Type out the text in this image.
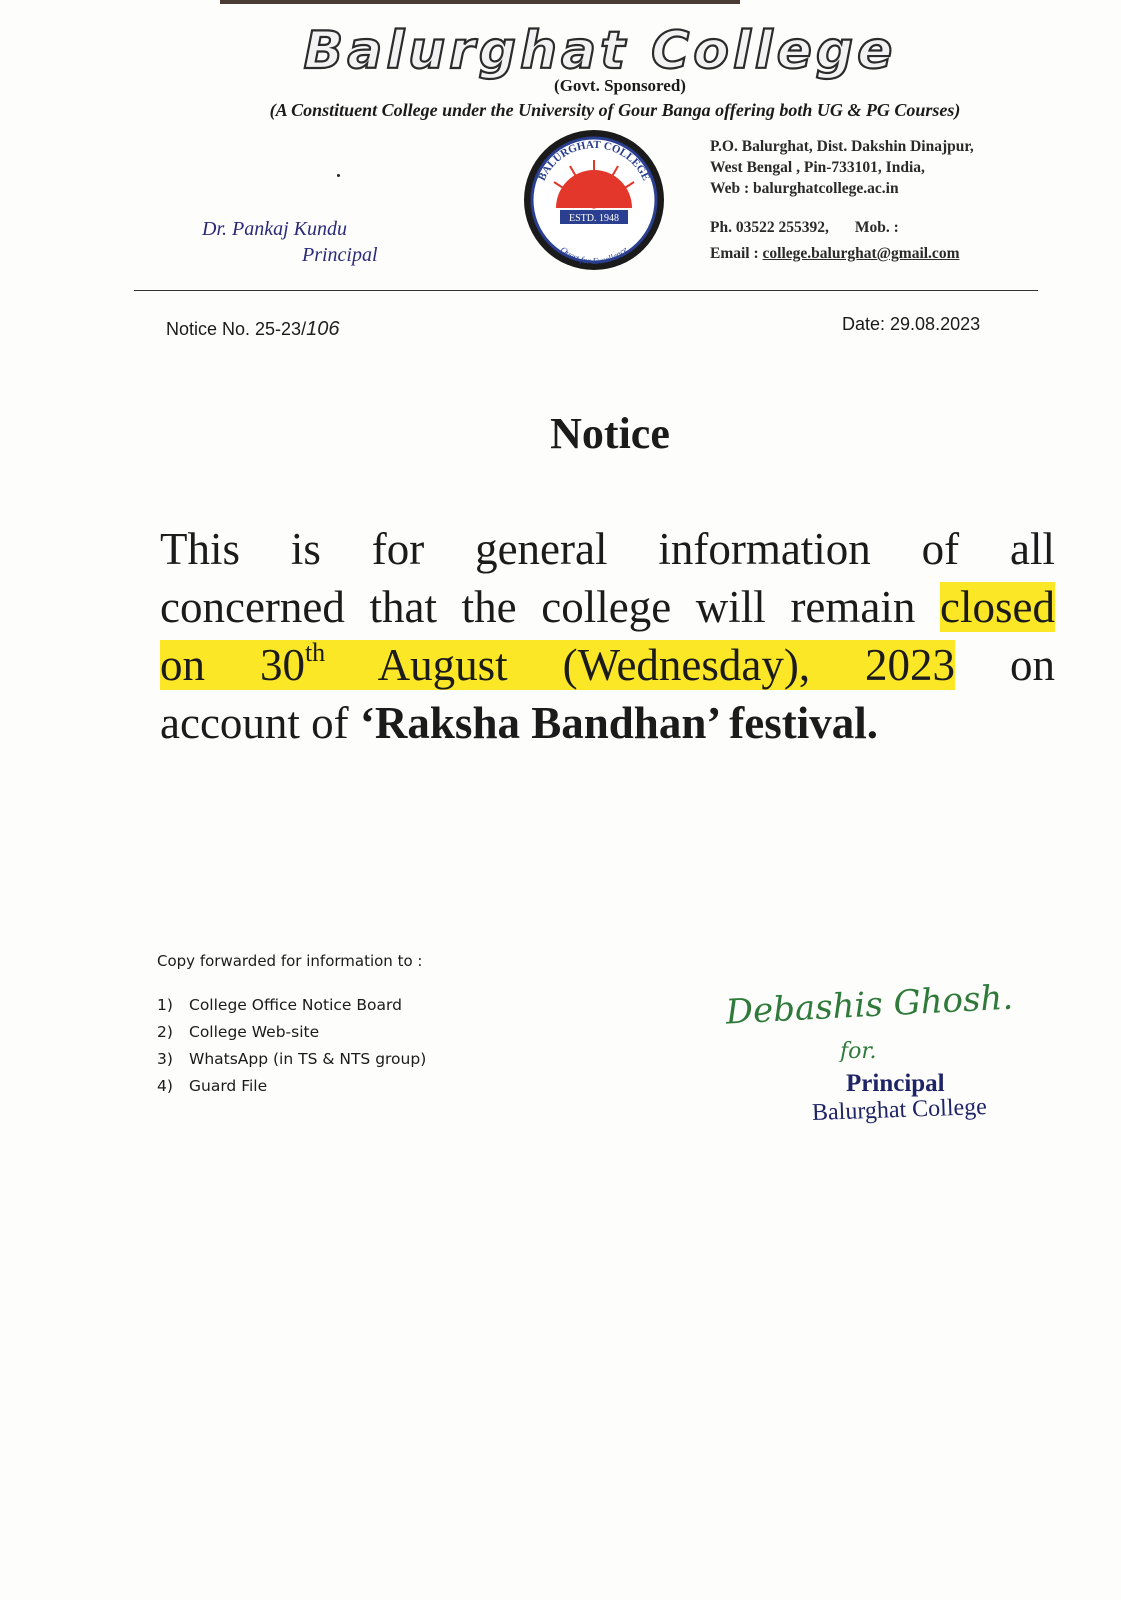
Balurghat College
(Govt. Sponsored)
(A Constituent College under the University of Gour Banga offering both UG & PG Courses)
ESTD. 1948
BALURGHAT COLLEGE
Quest for Excellence
P.O. Balurghat, Dist. Dakshin Dinajpur,
West Bengal , Pin-733101, India,
Web : balurghatcollege.ac.in
Ph. 03522 255392, Mob. :
Email : college.balurghat@gmail.com
Dr. Pankaj Kundu
Principal
Notice No. 25-23/106	Date: 29.08.2023
Notice
This is for general information of all
concerned that the college will remain closed
on 30th August (Wednesday), 2023 on
account of ‘Raksha Bandhan’ festival.
Copy forwarded for information to :
1) College Office Notice Board
2) College Web-site
3) WhatsApp (in TS & NTS group)
4) Guard File
Debashis Ghosh.
for.
Principal
Balurghat College
